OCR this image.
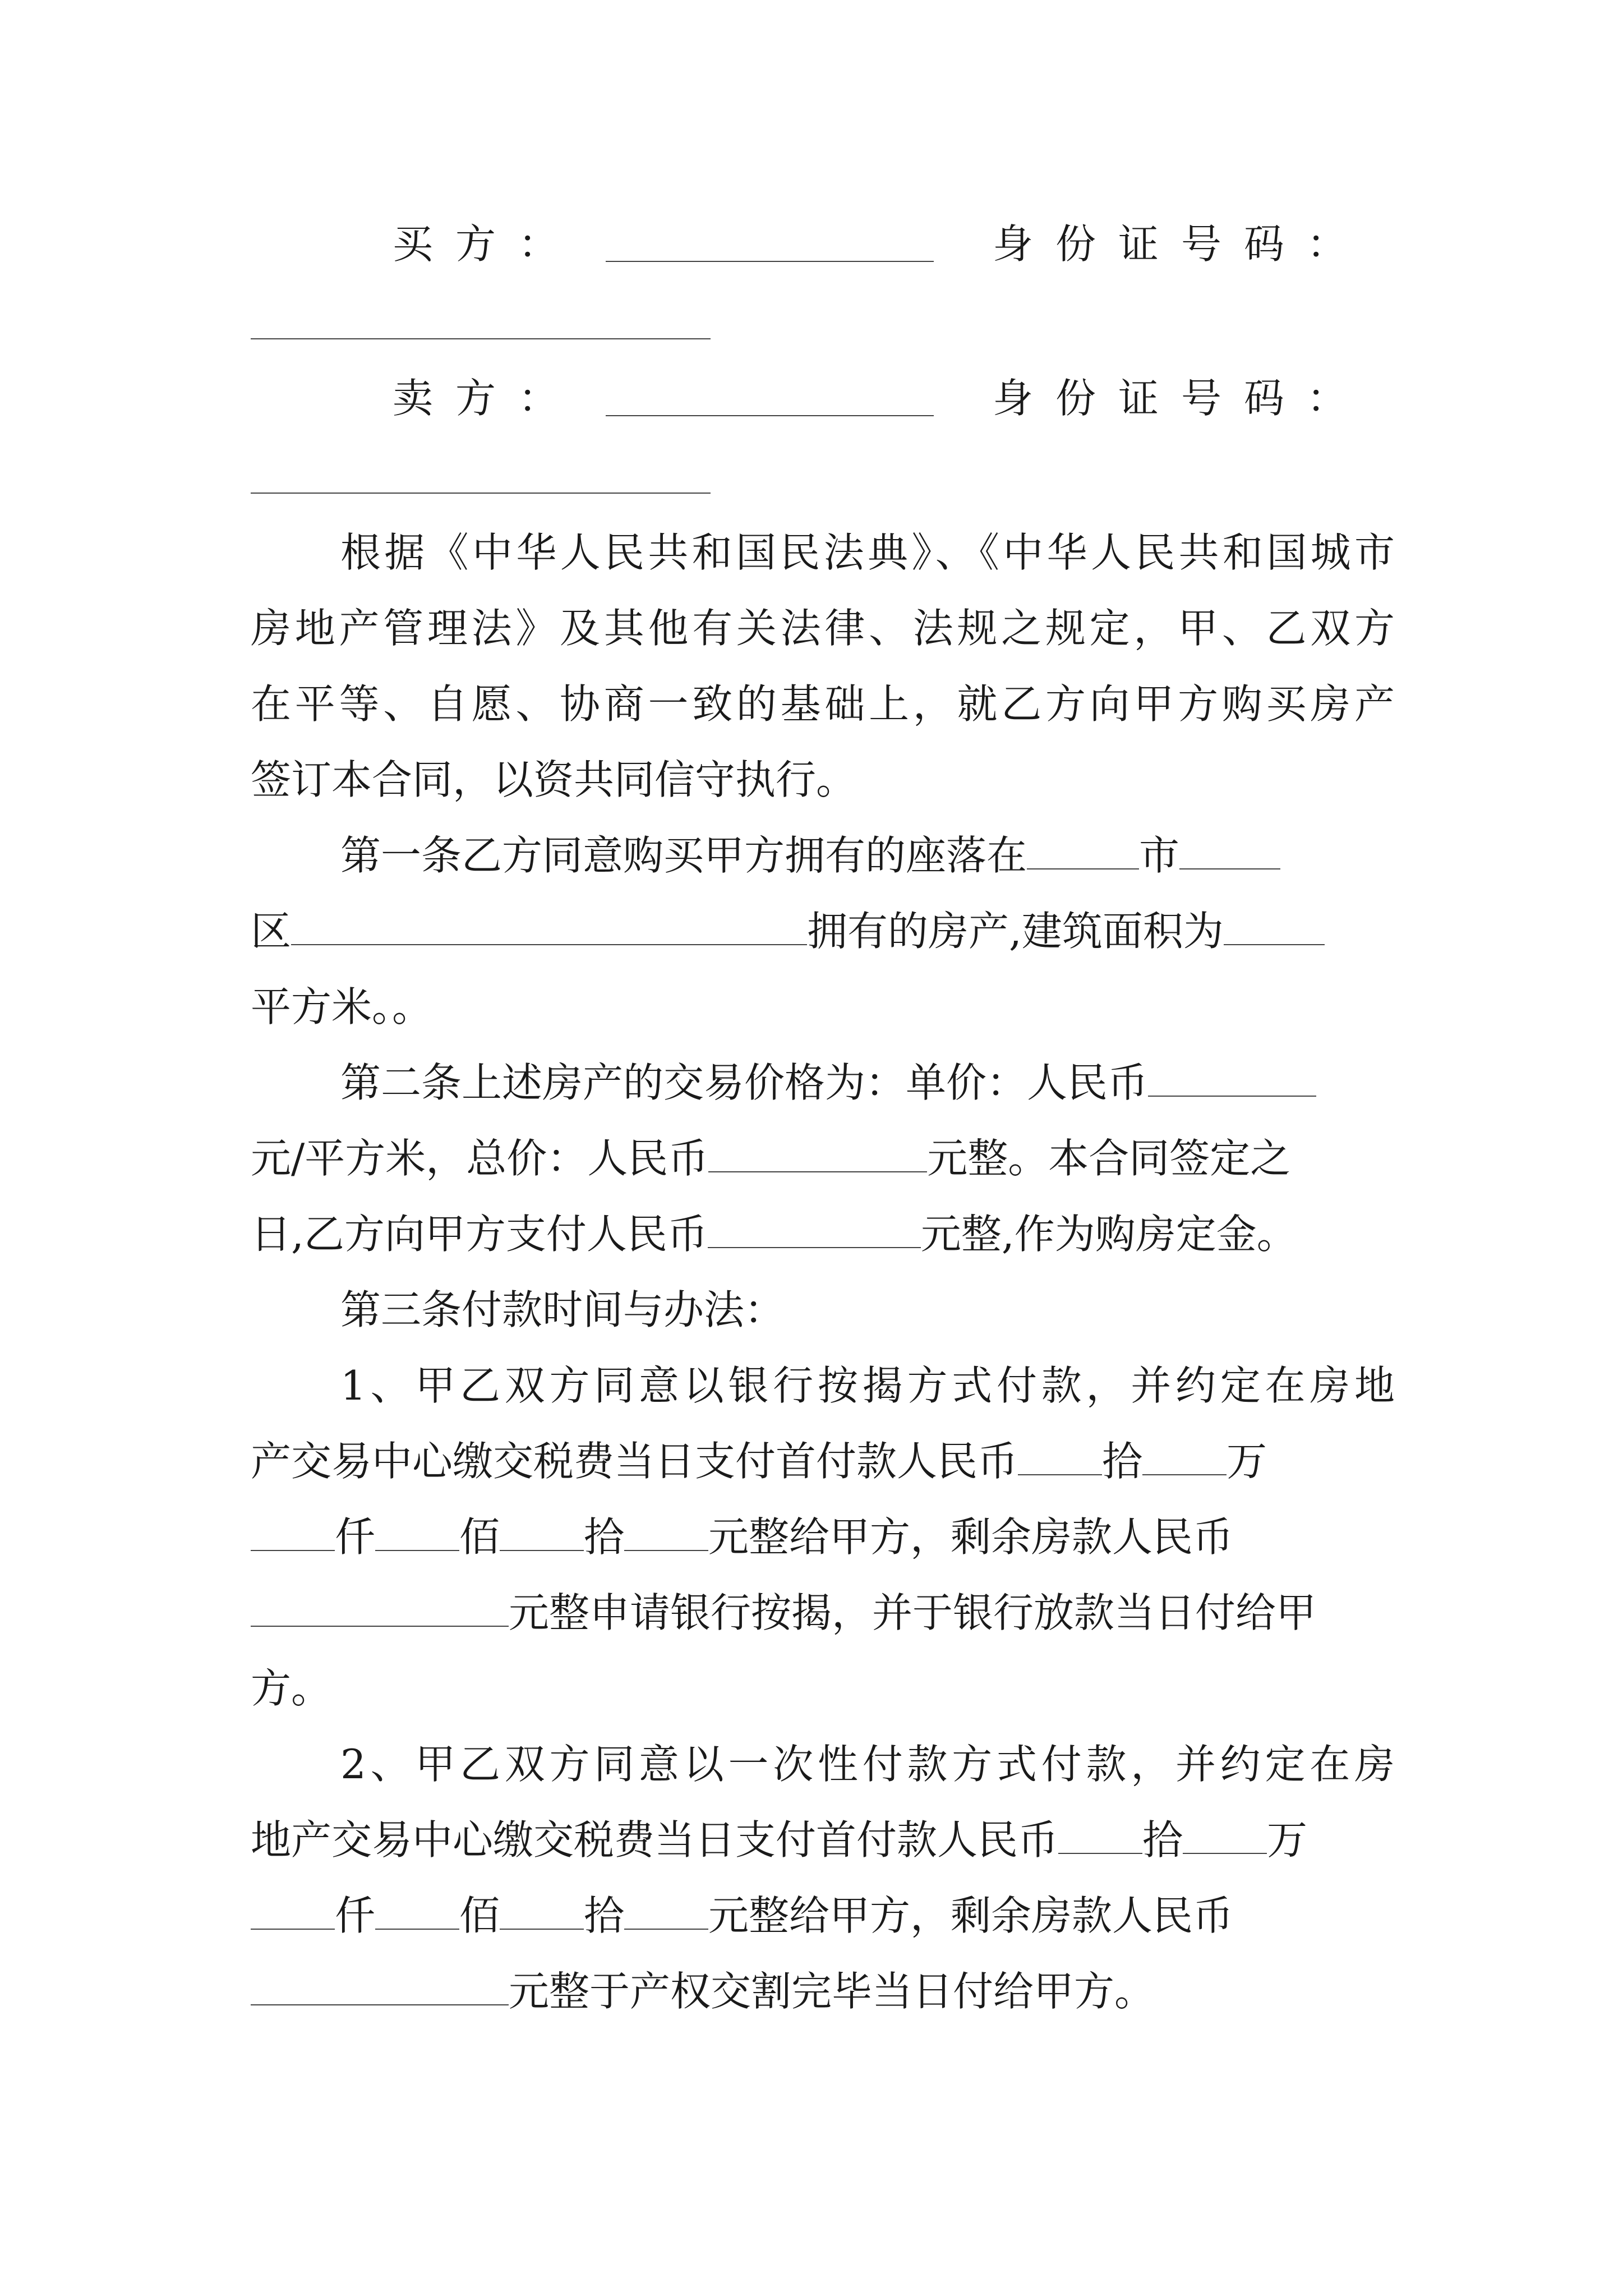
买方：	身份证号码：
卖方：	身份证号码：
根据《中华人民共和国民法典》、《中华人民共和国城市
房地产管理法》及其他有关法律、法规之规定，甲、乙双方
在平等、自愿、协商一致的基础上，就乙方向甲方购买房产
签订本合同，以资共同信守执行。
第一条乙方同意购买甲方拥有的座落在	市
区	拥有的房产,建筑面积为
平方米。。
第二条上述房产的交易价格为：单价：人民币
元/平方米，总价：人民币	元整。本合同签定之
日,乙方向甲方支付人民币	元整,作为购房定金。
第三条付款时间与办法：
1、甲乙双方同意以银行按揭方式付款，并约定在房地
产交易中心缴交税费当日支付首付款人民币 拾 万
仟 佰 拾 元整给甲方，剩余房款人民币
元整申请银行按揭，并于银行放款当日付给甲
方。
2、甲乙双方同意以一次性付款方式付款，并约定在房
地产交易中心缴交税费当日支付首付款人民币 拾 万
仟 佰 拾 元整给甲方，剩余房款人民币
元整于产权交割完毕当日付给甲方。
